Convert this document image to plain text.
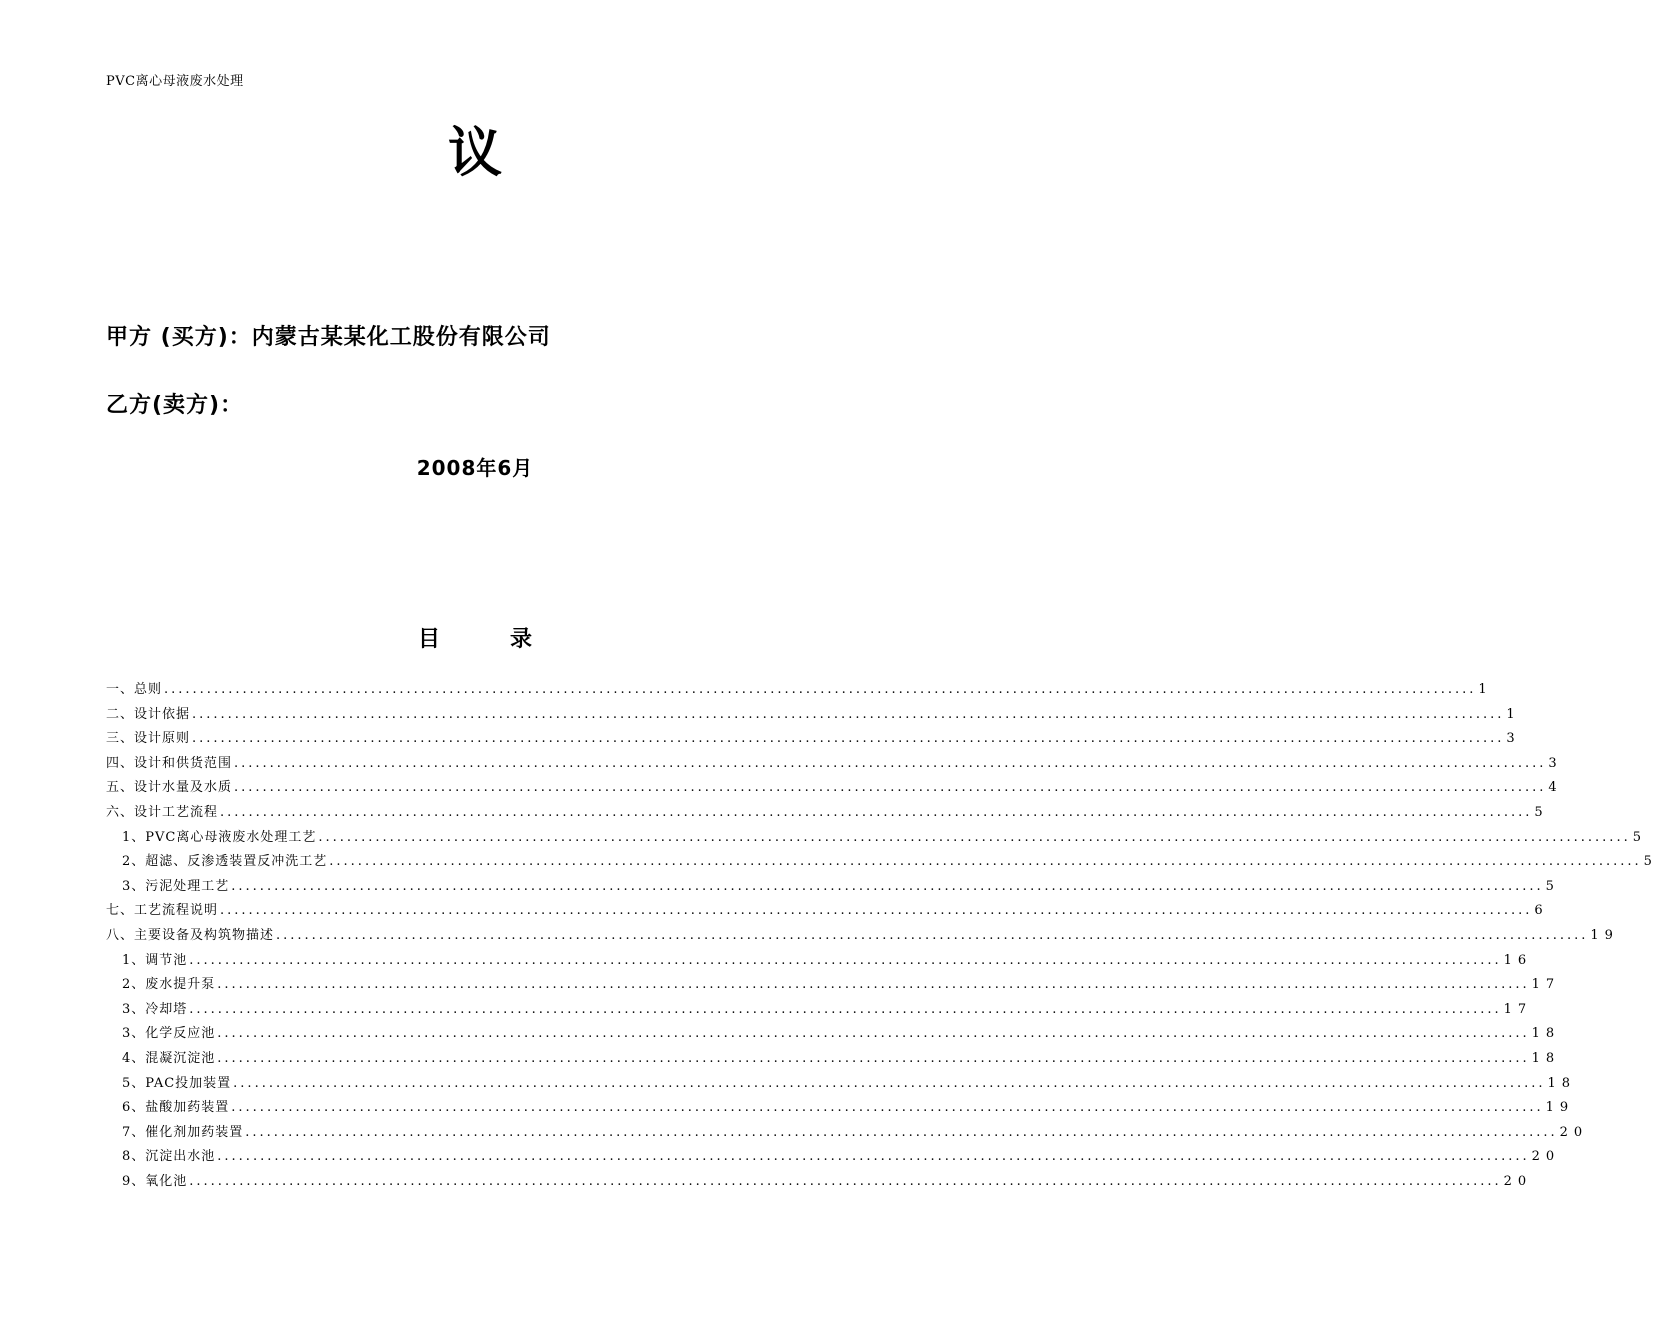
PVC离心母液废水处理
议
甲方 (买方)：内蒙古某某化工股份有限公司
乙方(卖方)：
2008年6月
目	录
一、总则 .....	1
二、设计依据 .....	1
三、设计原则 .....	3
四、设计和供货范围 .....	3
五、设计水量及水质 .....	4
六、设计工艺流程 .....	5
1、PVC离心母液废水处理工艺 .....	5
2、超滤、反渗透装置反冲洗工艺 .....	5
3、污泥处理工艺 .....	5
七、工艺流程说明 .....	6
八、主要设备及构筑物描述 .....	19
1、调节池 .....	16
2、废水提升泵 .....	17
3、冷却塔 .....	17
3、化学反应池 .....	18
4、混凝沉淀池 .....	18
5、PAC投加装置 .....	18
6、盐酸加药装置 .....	19
7、催化剂加药装置 .....	20
8、沉淀出水池 .....	20
9、氧化池 .....	20
